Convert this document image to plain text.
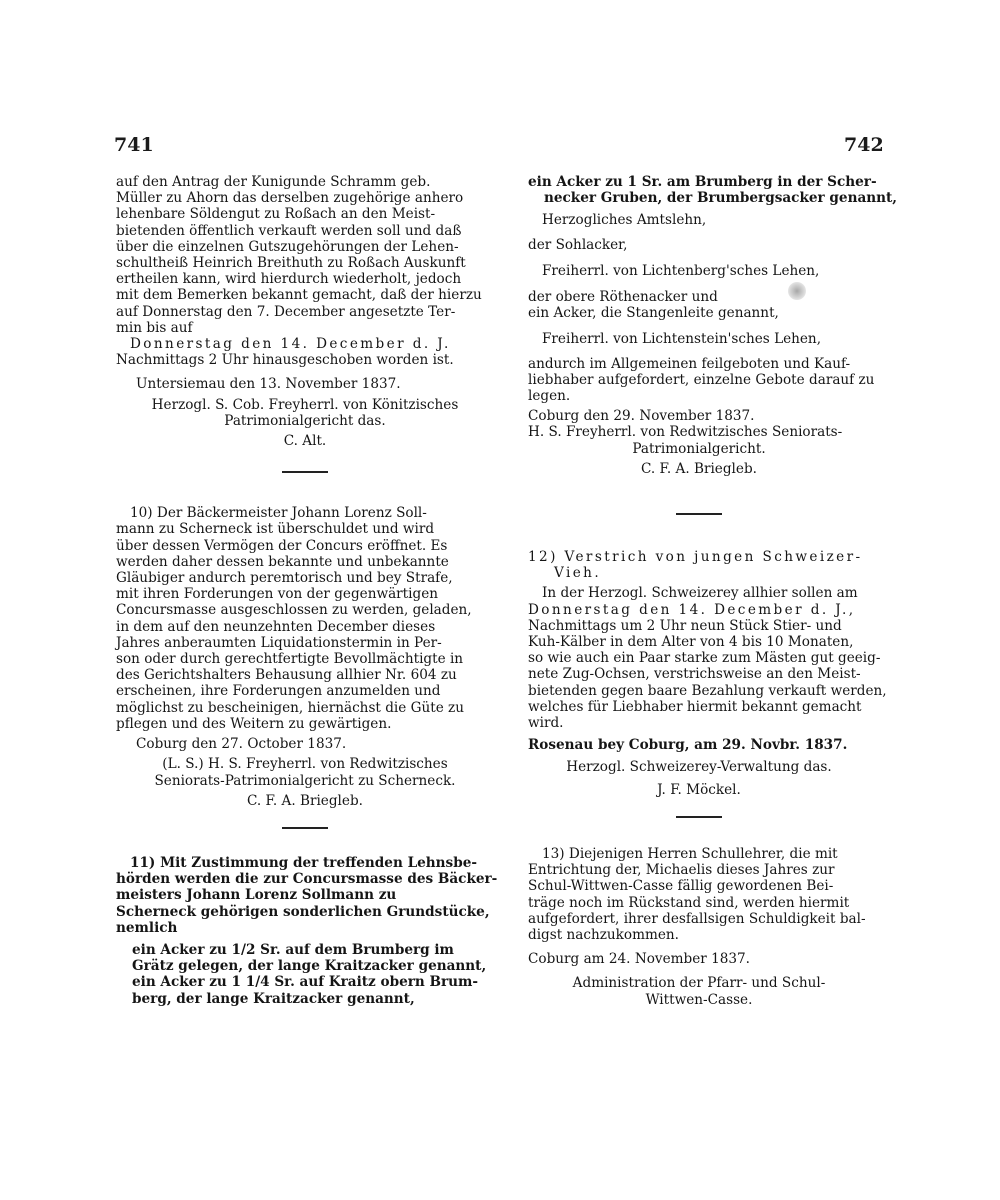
741	742
auf den Antrag der Kunigunde Schramm geb.
Müller zu Ahorn das derselben zugehörige anhero
lehenbare Söldengut zu Roßach an den Meist-
bietenden öffentlich verkauft werden soll und daß
über die einzelnen Gutszugehörungen der Lehen-
schultheiß Heinrich Breithuth zu Roßach Auskunft
ertheilen kann, wird hierdurch wiederholt, jedoch
mit dem Bemerken bekannt gemacht, daß der hierzu
auf Donnerstag den 7. December angesetzte Ter-
min bis auf
Donnerstag den 14. December d. J.
Nachmittags 2 Uhr hinausgeschoben worden ist.
Untersiemau den 13. November 1837.
Herzogl. S. Cob. Freyherrl. von Könitzisches
Patrimonialgericht das.
C. Alt.
10) Der Bäckermeister Johann Lorenz Soll-
mann zu Scherneck ist überschuldet und wird
über dessen Vermögen der Concurs eröffnet. Es
werden daher dessen bekannte und unbekannte
Gläubiger andurch peremtorisch und bey Strafe,
mit ihren Forderungen von der gegenwärtigen
Concursmasse ausgeschlossen zu werden, geladen,
in dem auf den neunzehnten December dieses
Jahres anberaumten Liquidationstermin in Per-
son oder durch gerechtfertigte Bevollmächtigte in
des Gerichtshalters Behausung allhier Nr. 604 zu
erscheinen, ihre Forderungen anzumelden und
möglichst zu bescheinigen, hiernächst die Güte zu
pflegen und des Weitern zu gewärtigen.
Coburg den 27. October 1837.
(L. S.) H. S. Freyherrl. von Redwitzisches
Seniorats-Patrimonialgericht zu Scherneck.
C. F. A. Briegleb.
11) Mit Zustimmung der treffenden Lehnsbe-
hörden werden die zur Concursmasse des Bäcker-
meisters Johann Lorenz Sollmann zu
Scherneck gehörigen sonderlichen Grundstücke,
nemlich
ein Acker zu 1/2 Sr. auf dem Brumberg im
Grätz gelegen, der lange Kraitzacker genannt,
ein Acker zu 1 1/4 Sr. auf Kraitz obern Brum-
berg, der lange Kraitzacker genannt,
ein Acker zu 1 Sr. am Brumberg in der Scher-
necker Gruben, der Brumbergsacker genannt,
Herzogliches Amtslehn,
der Sohlacker,
Freiherrl. von Lichtenberg'sches Lehen,
der obere Röthenacker und
ein Acker, die Stangenleite genannt,
Freiherrl. von Lichtenstein'sches Lehen,
andurch im Allgemeinen feilgeboten und Kauf-
liebhaber aufgefordert, einzelne Gebote darauf zu
legen.
Coburg den 29. November 1837.
H. S. Freyherrl. von Redwitzisches Seniorats-
Patrimonialgericht.
C. F. A. Briegleb.
12) Verstrich von jungen Schweizer-
Vieh.
In der Herzogl. Schweizerey allhier sollen am
Donnerstag den 14. December d. J.,
Nachmittags um 2 Uhr neun Stück Stier- und
Kuh-Kälber in dem Alter von 4 bis 10 Monaten,
so wie auch ein Paar starke zum Mästen gut geeig-
nete Zug-Ochsen, verstrichsweise an den Meist-
bietenden gegen baare Bezahlung verkauft werden,
welches für Liebhaber hiermit bekannt gemacht
wird.
Rosenau bey Coburg, am 29. Novbr. 1837.
Herzogl. Schweizerey-Verwaltung das.
J. F. Möckel.
13) Diejenigen Herren Schullehrer, die mit
Entrichtung der, Michaelis dieses Jahres zur
Schul-Wittwen-Casse fällig gewordenen Bei-
träge noch im Rückstand sind, werden hiermit
aufgefordert, ihrer desfallsigen Schuldigkeit bal-
digst nachzukommen.
Coburg am 24. November 1837.
Administration der Pfarr- und Schul-
Wittwen-Casse.
